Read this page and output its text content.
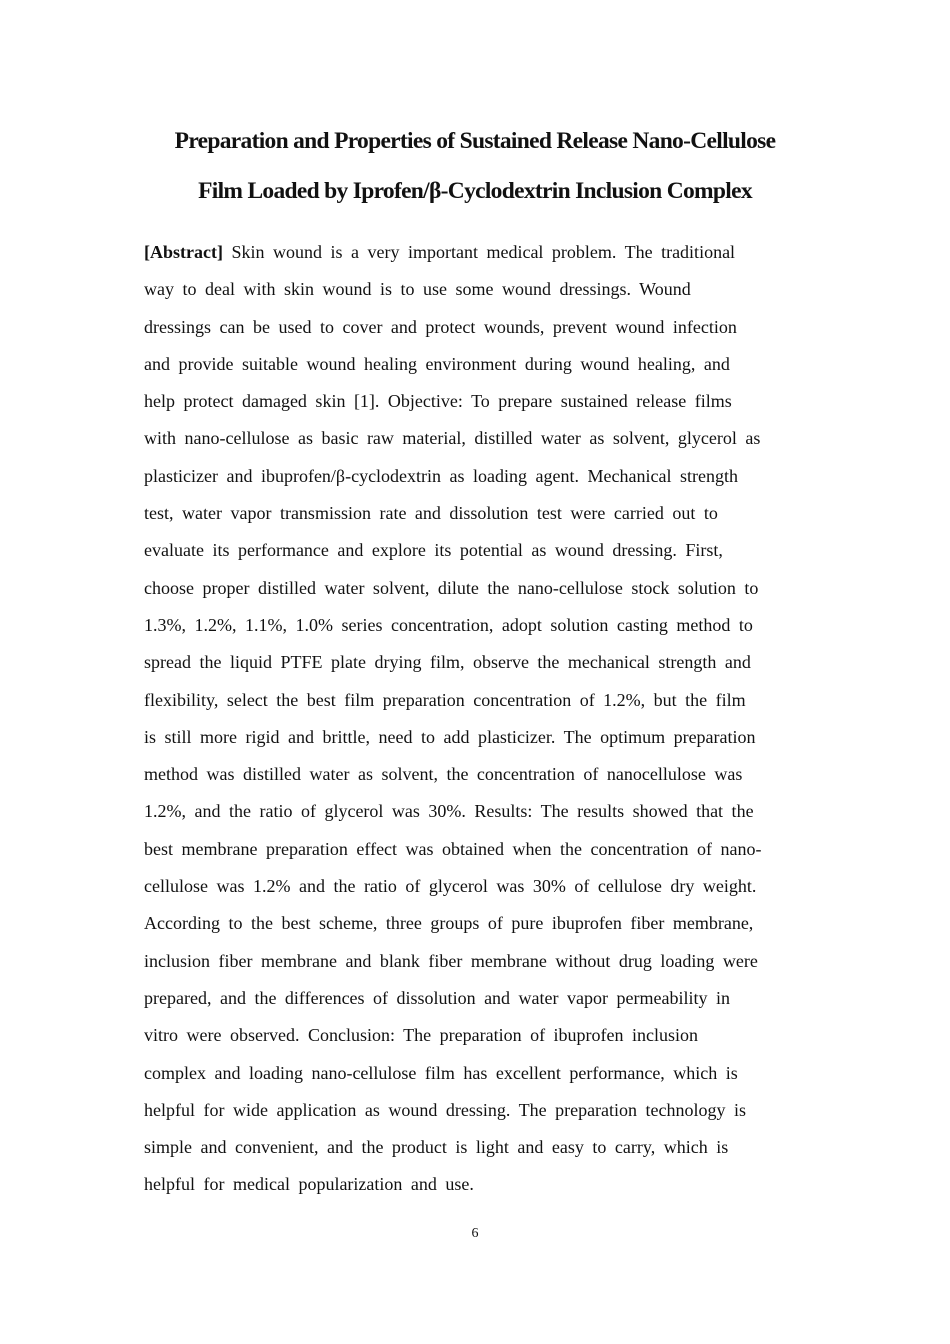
Preparation and Properties of Sustained Release Nano-Cellulose
Film Loaded by Iprofen/β-Cyclodextrin Inclusion Complex
[Abstract] Skin wound is a very important medical problem. The traditional
way to deal with skin wound is to use some wound dressings. Wound
dressings can be used to cover and protect wounds, prevent wound infection
and provide suitable wound healing environment during wound healing, and
help protect damaged skin [1]. Objective: To prepare sustained release films
with nano-cellulose as basic raw material, distilled water as solvent, glycerol as
plasticizer and ibuprofen/β-cyclodextrin as loading agent. Mechanical strength
test, water vapor transmission rate and dissolution test were carried out to
evaluate its performance and explore its potential as wound dressing. First,
choose proper distilled water solvent, dilute the nano-cellulose stock solution to
1.3%, 1.2%, 1.1%, 1.0% series concentration, adopt solution casting method to
spread the liquid PTFE plate drying film, observe the mechanical strength and
flexibility, select the best film preparation concentration of 1.2%, but the film
is still more rigid and brittle, need to add plasticizer. The optimum preparation
method was distilled water as solvent, the concentration of nanocellulose was
1.2%, and the ratio of glycerol was 30%. Results: The results showed that the
best membrane preparation effect was obtained when the concentration of nano-
cellulose was 1.2% and the ratio of glycerol was 30% of cellulose dry weight.
According to the best scheme, three groups of pure ibuprofen fiber membrane,
inclusion fiber membrane and blank fiber membrane without drug loading were
prepared, and the differences of dissolution and water vapor permeability in
vitro were observed. Conclusion: The preparation of ibuprofen inclusion
complex and loading nano-cellulose film has excellent performance, which is
helpful for wide application as wound dressing. The preparation technology is
simple and convenient, and the product is light and easy to carry, which is
helpful for medical popularization and use.
6
